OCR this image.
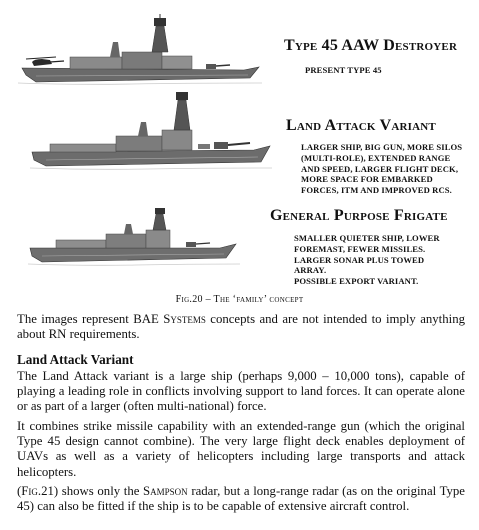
Type 45 AAW Destroyer
PRESENT TYPE 45
Land Attack Variant
LARGER SHIP, BIG GUN, MORE SILOS
(MULTI-ROLE), EXTENDED RANGE
AND SPEED, LARGER FLIGHT DECK,
MORE SPACE FOR EMBARKED
FORCES, ITM AND IMPROVED RCS.
General Purpose Frigate
SMALLER QUIETER SHIP, LOWER
FOREMAST, FEWER MISSILES.
LARGER SONAR PLUS TOWED
ARRAY.
POSSIBLE EXPORT VARIANT.
Fig.20 – The ‘family’ concept
The images represent BAE Systems concepts and are not intended to imply anything about RN requirements.
Land Attack Variant
The Land Attack variant is a large ship (perhaps 9,000 – 10,000 tons), capable of playing a leading role in conflicts involving support to land forces. It can operate alone or as part of a larger (often multi-national) force.
It combines strike missile capability with an extended-range gun (which the original Type 45 design cannot combine). The very large flight deck enables deployment of UAVs as well as a variety of helicopters including large transports and attack helicopters.
(Fig.21) shows only the Sampson radar, but a long-range radar (as on the original Type 45) can also be fitted if the ship is to be capable of extensive aircraft control.
